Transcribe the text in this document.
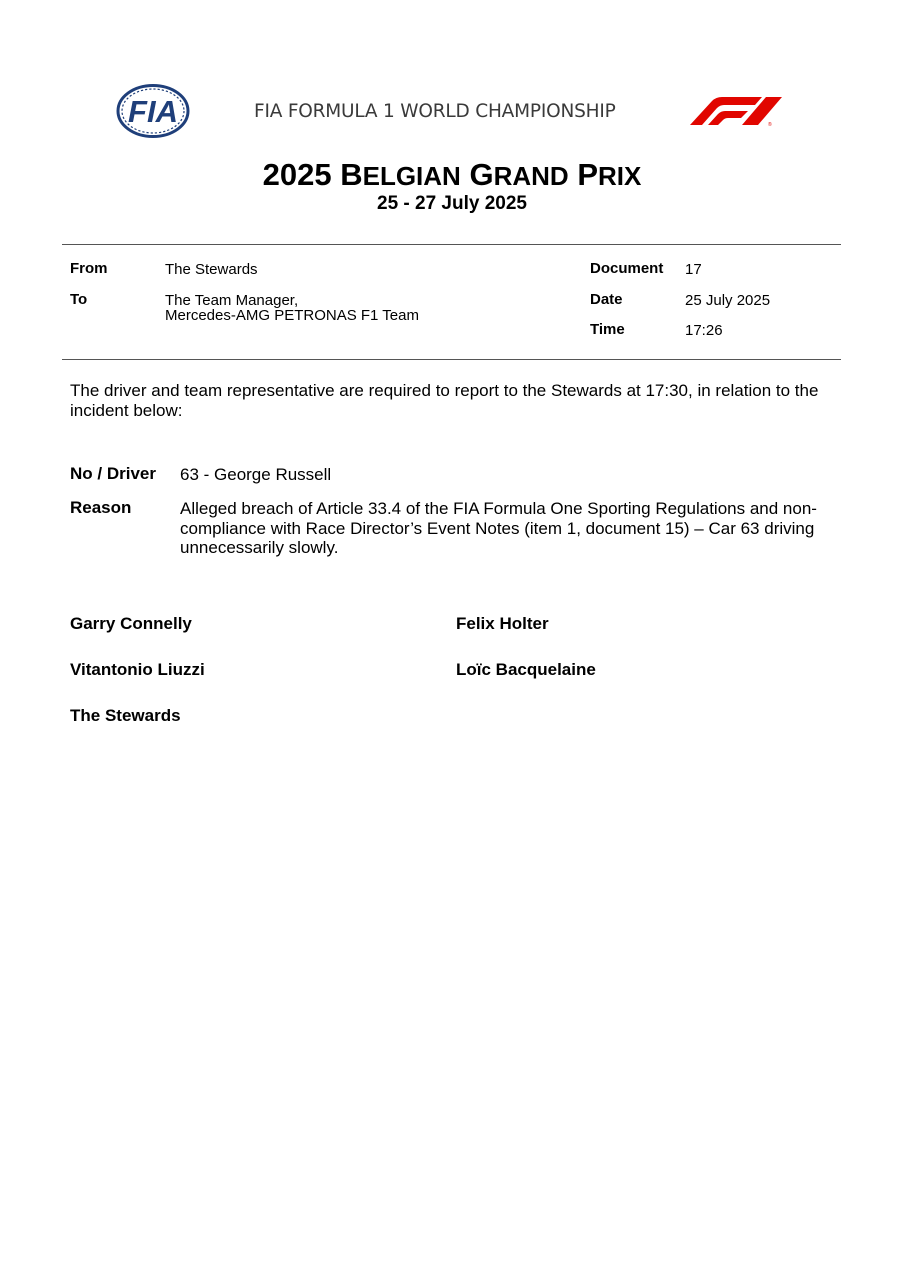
FIA	FIA FORMULA 1 WORLD CHAMPIONSHIP
®
2025 BELGIAN GRAND PRIX
25 - 27 July 2025
From	The Stewards
To	The Team Manager,
Mercedes-AMG PETRONAS F1 Team
Document 17
Date	25 July 2025
Time	17:26
The driver and team representative are required to report to the Stewards at 17:30, in relation to the incident below:
No / Driver 63 - George Russell
Reason	Alleged breach of Article 33.4 of the FIA Formula One Sporting Regulations and non-
compliance with Race Director’s Event Notes (item 1, document 15) – Car 63 driving
unnecessarily slowly.
Garry Connelly	Felix Holter
Vitantonio Liuzzi	Loïc Bacquelaine
The Stewards
